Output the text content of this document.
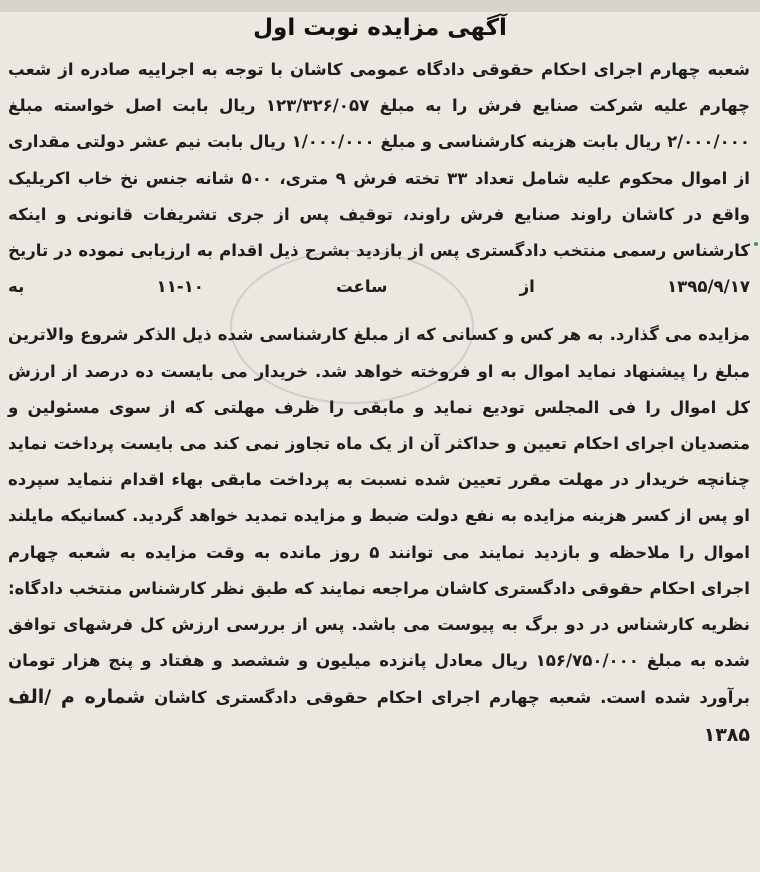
آگهی مزایده نوبت اول

شعبه چهارم اجرای احکام حقوقی دادگاه عمومی کاشان با توجه به اجراییه صادره از شعب چهارم علیه شرکت صنایع فرش را به مبلغ ۱۲۳/۳۲۶/۰۵۷ ریال بابت اصل خواسته مبلغ ۲/۰۰۰/۰۰۰ ریال بابت هزینه کارشناسی و مبلغ ۱/۰۰۰/۰۰۰ ریال بابت نیم عشر دولتی مقداری از اموال محکوم علیه شامل تعداد ۳۳ تخته فرش ۹ متری، ۵۰۰ شانه جنس نخ خاب اکریلیک واقع در کاشان راوند صنایع فرش راوند، توقیف پس از جری تشریفات قانونی و اینکه کارشناس رسمی منتخب دادگستری پس از بازدید بشرح ذیل اقدام به ارزیابی نموده در تاریخ ۱۳۹۵/۹/۱۷ از ساعت ۱۰-۱۱ به

مزایده می گذارد. به هر کس و کسانی که از مبلغ کارشناسی شده ذیل الذکر شروع والاترین مبلغ را پیشنهاد نماید اموال به او فروخته خواهد شد. خریدار می بایست ده درصد از ارزش کل اموال را فی المجلس تودیع نماید و مابقی را ظرف مهلتی که از سوی مسئولین و متصدیان اجرای احکام تعیین و حداکثر آن از یک ماه تجاوز نمی کند می بایست پرداخت نماید چنانچه خریدار در مهلت مقرر تعیین شده نسبت به پرداخت مابقی بهاء اقدام ننماید سپرده او پس از کسر هزینه مزایده به نفع دولت ضبط و مزایده تمدید خواهد گردید. کسانیکه مایلند اموال را ملاحظه و بازدید نمایند می توانند ۵ روز مانده به وقت مزایده به شعبه چهارم اجرای احکام حقوقی دادگستری کاشان مراجعه نمایند که طبق نظر کارشناس منتخب دادگاه: نظریه کارشناس در دو برگ به پیوست می باشد. پس از بررسی ارزش کل فرشهای توافق شده به مبلغ ۱۵۶/۷۵۰/۰۰۰ ریال معادل پانزده میلیون و ششصد و هفتاد و پنج هزار تومان برآورد شده است. شعبه چهارم اجرای احکام حقوقی دادگستری کاشان شماره م /الف ۱۳۸۵
